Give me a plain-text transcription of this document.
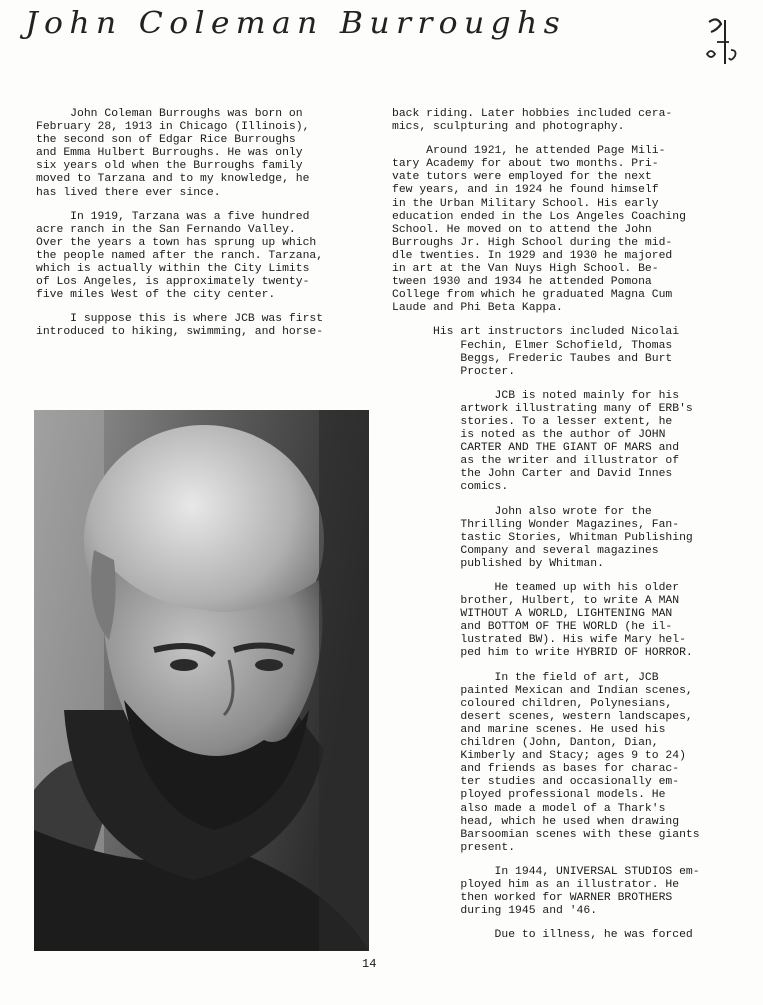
John Coleman Burroughs

John Coleman Burroughs was born on
February 28, 1913 in Chicago (Illinois),
the second son of Edgar Rice Burroughs
and Emma Hulbert Burroughs. He was only
six years old when the Burroughs family
moved to Tarzana and to my knowledge, he
has lived there ever since.

In 1919, Tarzana was a five hundred
acre ranch in the San Fernando Valley.
Over the years a town has sprung up which
the people named after the ranch. Tarzana,
which is actually within the City Limits
of Los Angeles, is approximately twenty-
five miles West of the city center.

I suppose this is where JCB was first
introduced to hiking, swimming, and horse-

back riding. Later hobbies included cera-
mics, sculpturing and photography.

Around 1921, he attended Page Mili-
tary Academy for about two months. Pri-
vate tutors were employed for the next
few years, and in 1924 he found himself
in the Urban Military School. His early
education ended in the Los Angeles Coaching
School. He moved on to attend the John
Burroughs Jr. High School during the mid-
dle twenties. In 1929 and 1930 he majored
in art at the Van Nuys High School. Be-
tween 1930 and 1934 he attended Pomona
College from which he graduated Magna Cum
Laude and Phi Beta Kappa.

His art instructors included Nicolai
Fechin, Elmer Schofield, Thomas
Beggs, Frederic Taubes and Burt
Procter.

JCB is noted mainly for his
artwork illustrating many of ERB's
stories. To a lesser extent, he
is noted as the author of JOHN
CARTER AND THE GIANT OF MARS and
as the writer and illustrator of
the John Carter and David Innes
comics.

John also wrote for the
Thrilling Wonder Magazines, Fan-
tastic Stories, Whitman Publishing
Company and several magazines
published by Whitman.

He teamed up with his older
brother, Hulbert, to write A MAN
WITHOUT A WORLD, LIGHTENING MAN
and BOTTOM OF THE WORLD (he il-
lustrated BW). His wife Mary hel-
ped him to write HYBRID OF HORROR.

In the field of art, JCB
painted Mexican and Indian scenes,
coloured children, Polynesians,
desert scenes, western landscapes,
and marine scenes. He used his
children (John, Danton, Dian,
Kimberly and Stacy; ages 9 to 24)
and friends as bases for charac-
ter studies and occasionally em-
ployed professional models. He
also made a model of a Thark's
head, which he used when drawing
Barsoomian scenes with these giants
present.

In 1944, UNIVERSAL STUDIOS em-
ployed him as an illustrator. He
then worked for WARNER BROTHERS
during 1945 and '46.

Due to illness, he was forced

14
